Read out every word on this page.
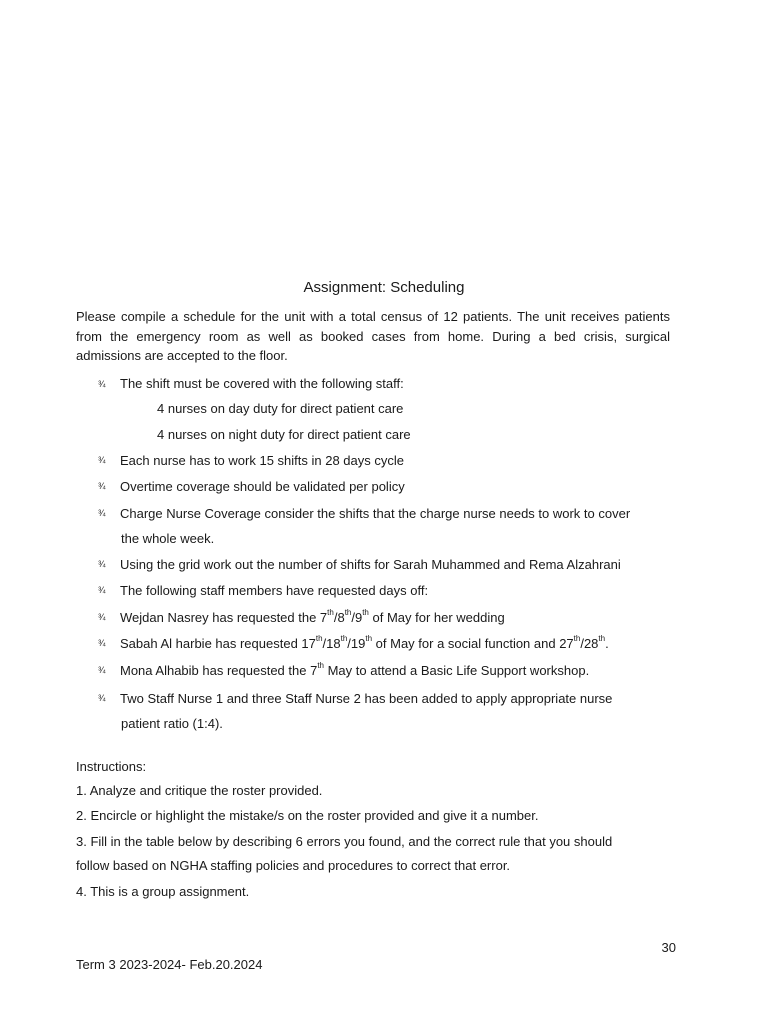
Assignment: Scheduling
Please compile a schedule for the unit with a total census of 12 patients. The unit receives patients from the emergency room as well as booked cases from home. During a bed crisis, surgical admissions are accepted to the floor.
¾
¾
¾
¾
¾
¾
¾
¾
¾
¾
The shift must be covered with the following staff:
4 nurses on day duty for direct patient care
4 nurses on night duty for direct patient care
Each nurse has to work 15 shifts in 28 days cycle
Overtime coverage should be validated per policy
Charge Nurse Coverage consider the shifts that the charge nurse needs to work to cover
the whole week.
Using the grid work out the number of shifts for Sarah Muhammed and Rema Alzahrani
The following staff members have requested days off:
Wejdan Nasrey has requested the 7th/8th/9th of May for her wedding
Sabah Al harbie has requested 17th/18th/19th of May for a social function and 27th/28th.
Mona Alhabib has requested the 7th May to attend a Basic Life Support workshop.
Two Staff Nurse 1 and three Staff Nurse 2 has been added to apply appropriate nurse
patient ratio (1:4).
Instructions:
1. Analyze and critique the roster provided.
2. Encircle or highlight the mistake/s on the roster provided and give it a number.
3. Fill in the table below by describing 6 errors you found, and the correct rule that you should
follow based on NGHA staffing policies and procedures to correct that error.
4. This is a group assignment.
30
Term 3 2023-2024- Feb.20.2024
